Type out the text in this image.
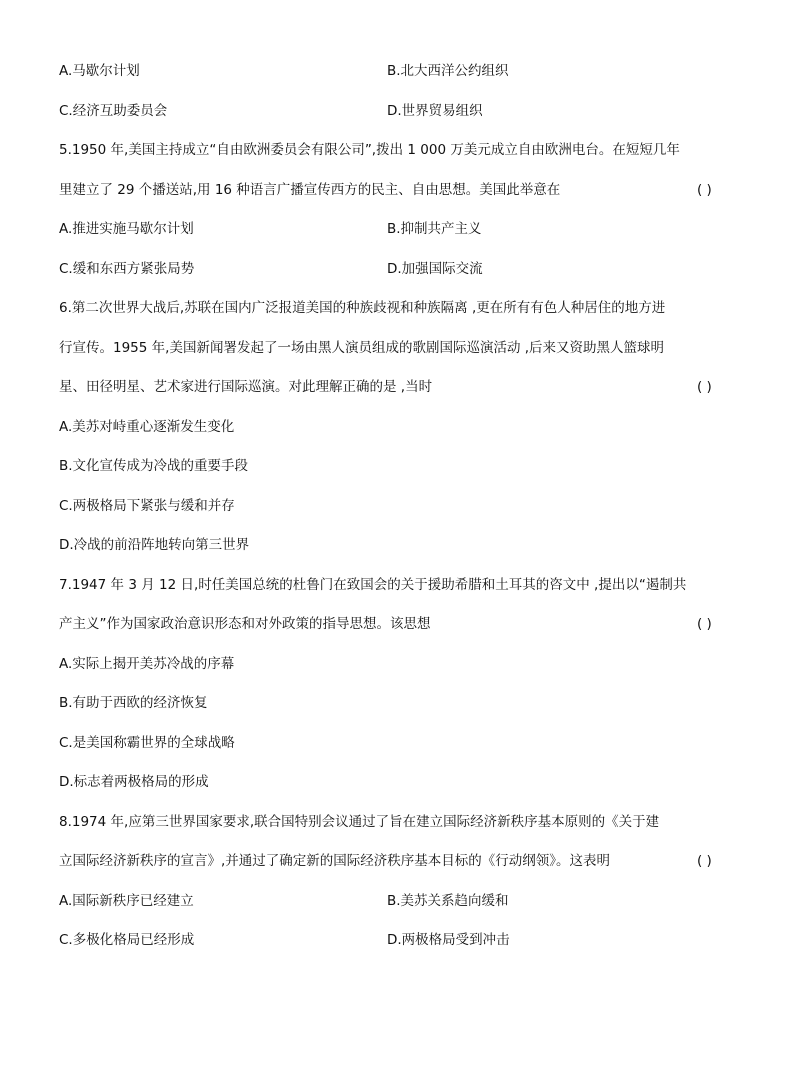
A.马歇尔计划	B.北大西洋公约组织
C.经济互助委员会	D.世界贸易组织
5.1950 年,美国主持成立“自由欧洲委员会有限公司”,拨出 1 000 万美元成立自由欧洲电台。在短短几年
里建立了 29 个播送站,用 16 种语言广播宣传西方的民主、自由思想。美国此举意在	( )
A.推进实施马歇尔计划	B.抑制共产主义
C.缓和东西方紧张局势	D.加强国际交流
6.第二次世界大战后,苏联在国内广泛报道美国的种族歧视和种族隔离 ,更在所有有色人种居住的地方进
行宣传。1955 年,美国新闻署发起了一场由黑人演员组成的歌剧国际巡演活动 ,后来又资助黑人篮球明
星、田径明星、艺术家进行国际巡演。对此理解正确的是 ,当时	( )
A.美苏对峙重心逐渐发生变化
B.文化宣传成为冷战的重要手段
C.两极格局下紧张与缓和并存
D.冷战的前沿阵地转向第三世界
7.1947 年 3 月 12 日,时任美国总统的杜鲁门在致国会的关于援助希腊和土耳其的咨文中 ,提出以“遏制共
产主义”作为国家政治意识形态和对外政策的指导思想。该思想	( )
A.实际上揭开美苏冷战的序幕
B.有助于西欧的经济恢复
C.是美国称霸世界的全球战略
D.标志着两极格局的形成
8.1974 年,应第三世界国家要求,联合国特别会议通过了旨在建立国际经济新秩序基本原则的《关于建
立国际经济新秩序的宣言》,并通过了确定新的国际经济秩序基本目标的《行动纲领》。这表明	( )
A.国际新秩序已经建立	B.美苏关系趋向缓和
C.多极化格局已经形成	D.两极格局受到冲击
